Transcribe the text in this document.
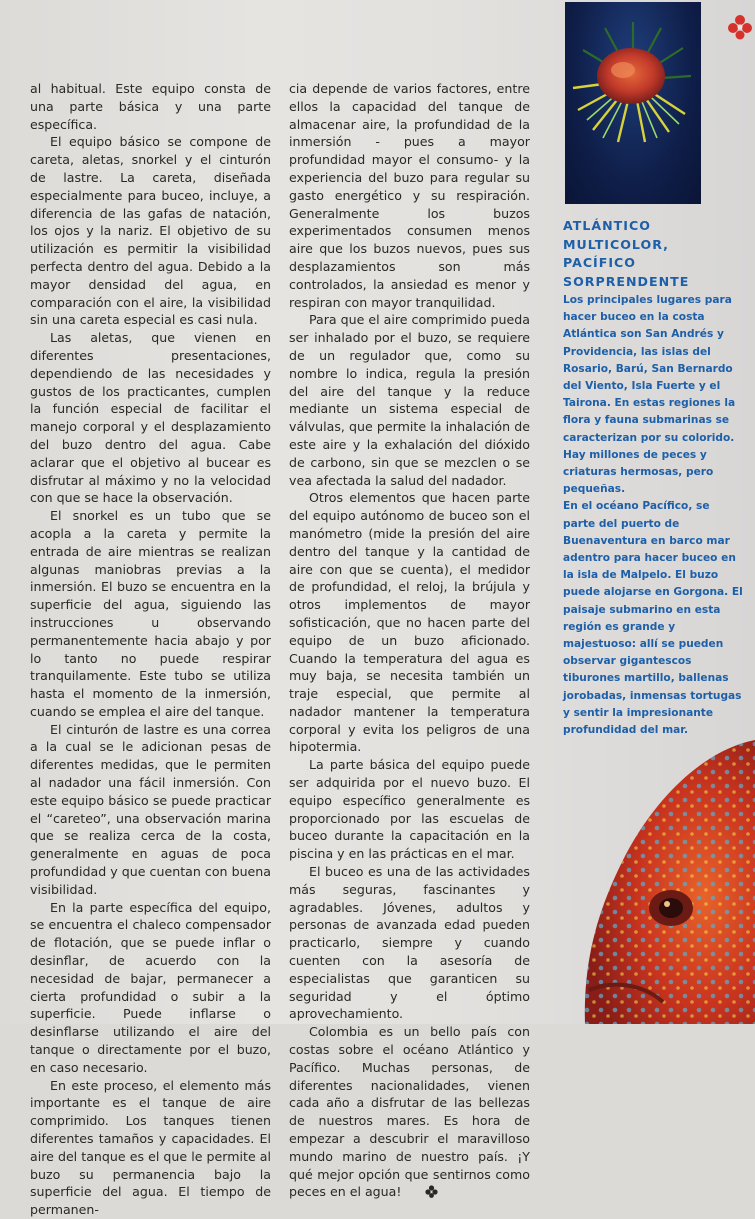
al habitual. Este equipo consta de una parte básica y una parte específica.

El equipo básico se compone de careta, aletas, snorkel y el cinturón de lastre. La careta, diseñada especialmente para buceo, incluye, a diferencia de las gafas de natación, los ojos y la nariz. El objetivo de su utilización es permitir la visibilidad perfecta dentro del agua. Debido a la mayor densidad del agua, en comparación con el aire, la visibilidad sin una careta especial es casi nula.

Las aletas, que vienen en diferentes presentaciones, dependiendo de las necesidades y gustos de los practicantes, cumplen la función especial de facilitar el manejo corporal y el desplazamiento del buzo dentro del agua. Cabe aclarar que el objetivo al bucear es disfrutar al máximo y no la velocidad con que se hace la observación.

El snorkel es un tubo que se acopla a la careta y permite la entrada de aire mientras se realizan algunas maniobras previas a la inmersión. El buzo se encuentra en la superficie del agua, siguiendo las instrucciones u observando permanentemente hacia abajo y por lo tanto no puede respirar tranquilamente. Este tubo se utiliza hasta el momento de la inmersión, cuando se emplea el aire del tanque.

El cinturón de lastre es una correa a la cual se le adicionan pesas de diferentes medidas, que le permiten al nadador una fácil inmersión. Con este equipo básico se puede practicar el “careteo”, una observación marina que se realiza cerca de la costa, generalmente en aguas de poca profundidad y que cuentan con buena visibilidad.

En la parte específica del equipo, se encuentra el chaleco compensador de flotación, que se puede inflar o desinflar, de acuerdo con la necesidad de bajar, permanecer a cierta profundidad o subir a la superficie. Puede inflarse o desinflarse utilizando el aire del tanque o directamente por el buzo, en caso necesario.

En este proceso, el elemento más importante es el tanque de aire comprimido. Los tanques tienen diferentes tamaños y capacidades. El aire del tanque es el que le permite al buzo su permanencia bajo la superficie del agua. El tiempo de permanen-

cia depende de varios factores, entre ellos la capacidad del tanque de almacenar aire, la profundidad de la inmersión - pues a mayor profundidad mayor el consumo- y la experiencia del buzo para regular su gasto energético y su respiración. Generalmente los buzos experimentados consumen menos aire que los buzos nuevos, pues sus desplazamientos son más controlados, la ansiedad es menor y respiran con mayor tranquilidad.

Para que el aire comprimido pueda ser inhalado por el buzo, se requiere de un regulador que, como su nombre lo indica, regula la presión del aire del tanque y la reduce mediante un sistema especial de válvulas, que permite la inhalación de este aire y la exhalación del dióxido de carbono, sin que se mezclen o se vea afectada la salud del nadador.

Otros elementos que hacen parte del equipo autónomo de buceo son el manómetro (mide la presión del aire dentro del tanque y la cantidad de aire con que se cuenta), el medidor de profundidad, el reloj, la brújula y otros implementos de mayor sofisticación, que no hacen parte del equipo de un buzo aficionado. Cuando la temperatura del agua es muy baja, se necesita también un traje especial, que permite al nadador mantener la temperatura corporal y evita los peligros de una hipotermia.

La parte básica del equipo puede ser adquirida por el nuevo buzo. El equipo específico generalmente es proporcionado por las escuelas de buceo durante la capacitación en la piscina y en las prácticas en el mar.

El buceo es una de las actividades más seguras, fascinantes y agradables. Jóvenes, adultos y personas de avanzada edad pueden practicarlo, siempre y cuando cuenten con la asesoría de especialistas que garanticen su seguridad y el óptimo aprovechamiento.

Colombia es un bello país con costas sobre el océano Atlántico y Pacífico. Muchas personas, de diferentes nacionalidades, vienen cada año a disfrutar de las bellezas de nuestros mares. Es hora de empezar a descubrir el maravilloso mundo marino de nuestro país. ¡Y qué mejor opción que sentirnos como peces en el agua!

ATLÁNTICO
MULTICOLOR,
PACÍFICO
SORPRENDENTE

Los principales lugares para hacer buceo en la costa Atlántica son San Andrés y Providencia, las islas del Rosario, Barú, San Bernardo del Viento, Isla Fuerte y el Tairona. En estas regiones la flora y fauna submarinas se caracterizan por su colorido. Hay millones de peces y criaturas hermosas, pero pequeñas.

En el océano Pacífico, se parte del puerto de Buenaventura en barco mar adentro para hacer buceo en la isla de Malpelo. El buzo puede alojarse en Gorgona. El paisaje submarino en esta región es grande y majestuoso: allí se pueden observar gigantescos tiburones martillo, ballenas jorobadas, inmensas tortugas y sentir la impresionante profundidad del mar.
